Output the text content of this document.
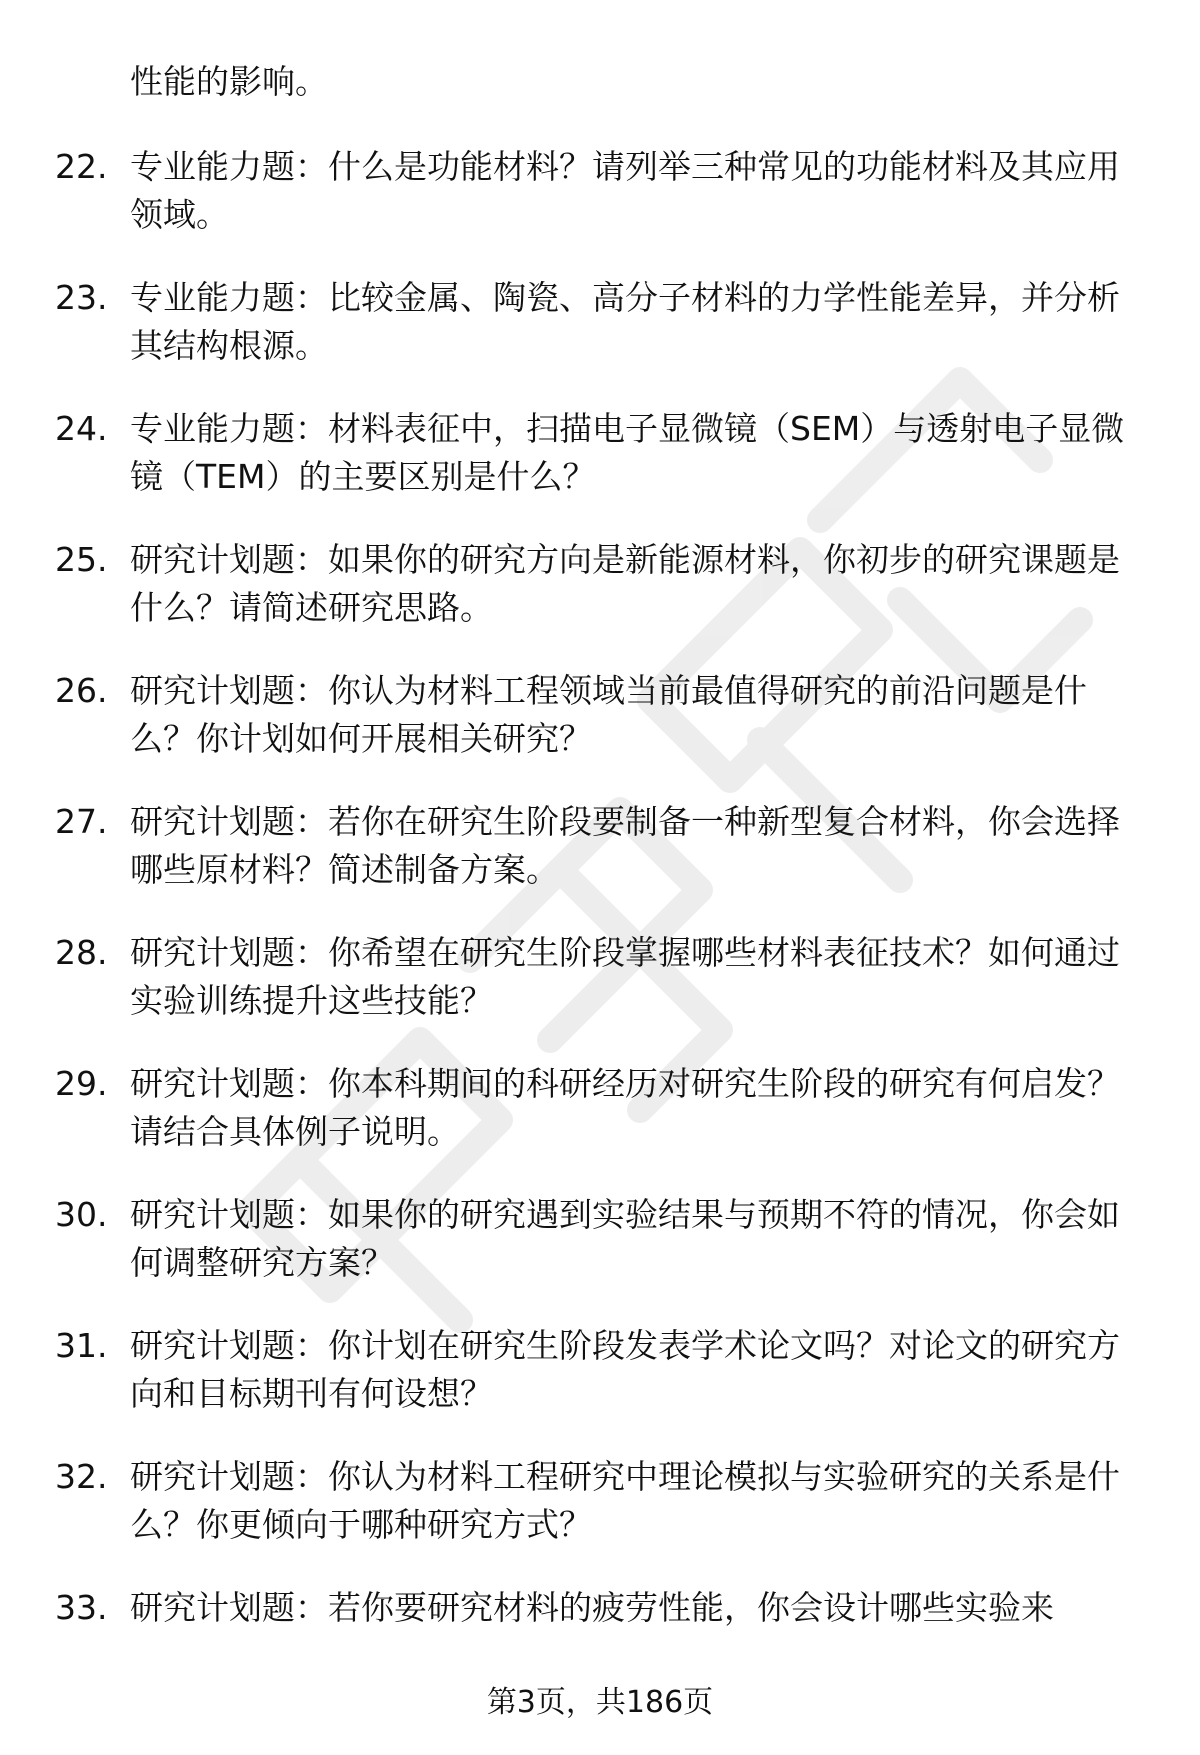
性能的影响。

22. 专业能力题：什么是功能材料？请列举三种常见的功能材料及其应用领域。

23. 专业能力题：比较金属、陶瓷、高分子材料的力学性能差异，并分析其结构根源。

24. 专业能力题：材料表征中，扫描电子显微镜（SEM）与透射电子显微镜（TEM）的主要区别是什么？

25. 研究计划题：如果你的研究方向是新能源材料，你初步的研究课题是什么？请简述研究思路。

26. 研究计划题：你认为材料工程领域当前最值得研究的前沿问题是什么？你计划如何开展相关研究？

27. 研究计划题：若你在研究生阶段要制备一种新型复合材料，你会选择哪些原材料？简述制备方案。

28. 研究计划题：你希望在研究生阶段掌握哪些材料表征技术？如何通过实验训练提升这些技能？

29. 研究计划题：你本科期间的科研经历对研究生阶段的研究有何启发？请结合具体例子说明。

30. 研究计划题：如果你的研究遇到实验结果与预期不符的情况，你会如何调整研究方案？

31. 研究计划题：你计划在研究生阶段发表学术论文吗？对论文的研究方向和目标期刊有何设想？

32. 研究计划题：你认为材料工程研究中理论模拟与实验研究的关系是什么？你更倾向于哪种研究方式？

33. 研究计划题：若你要研究材料的疲劳性能，你会设计哪些实验来

第3页，共186页
